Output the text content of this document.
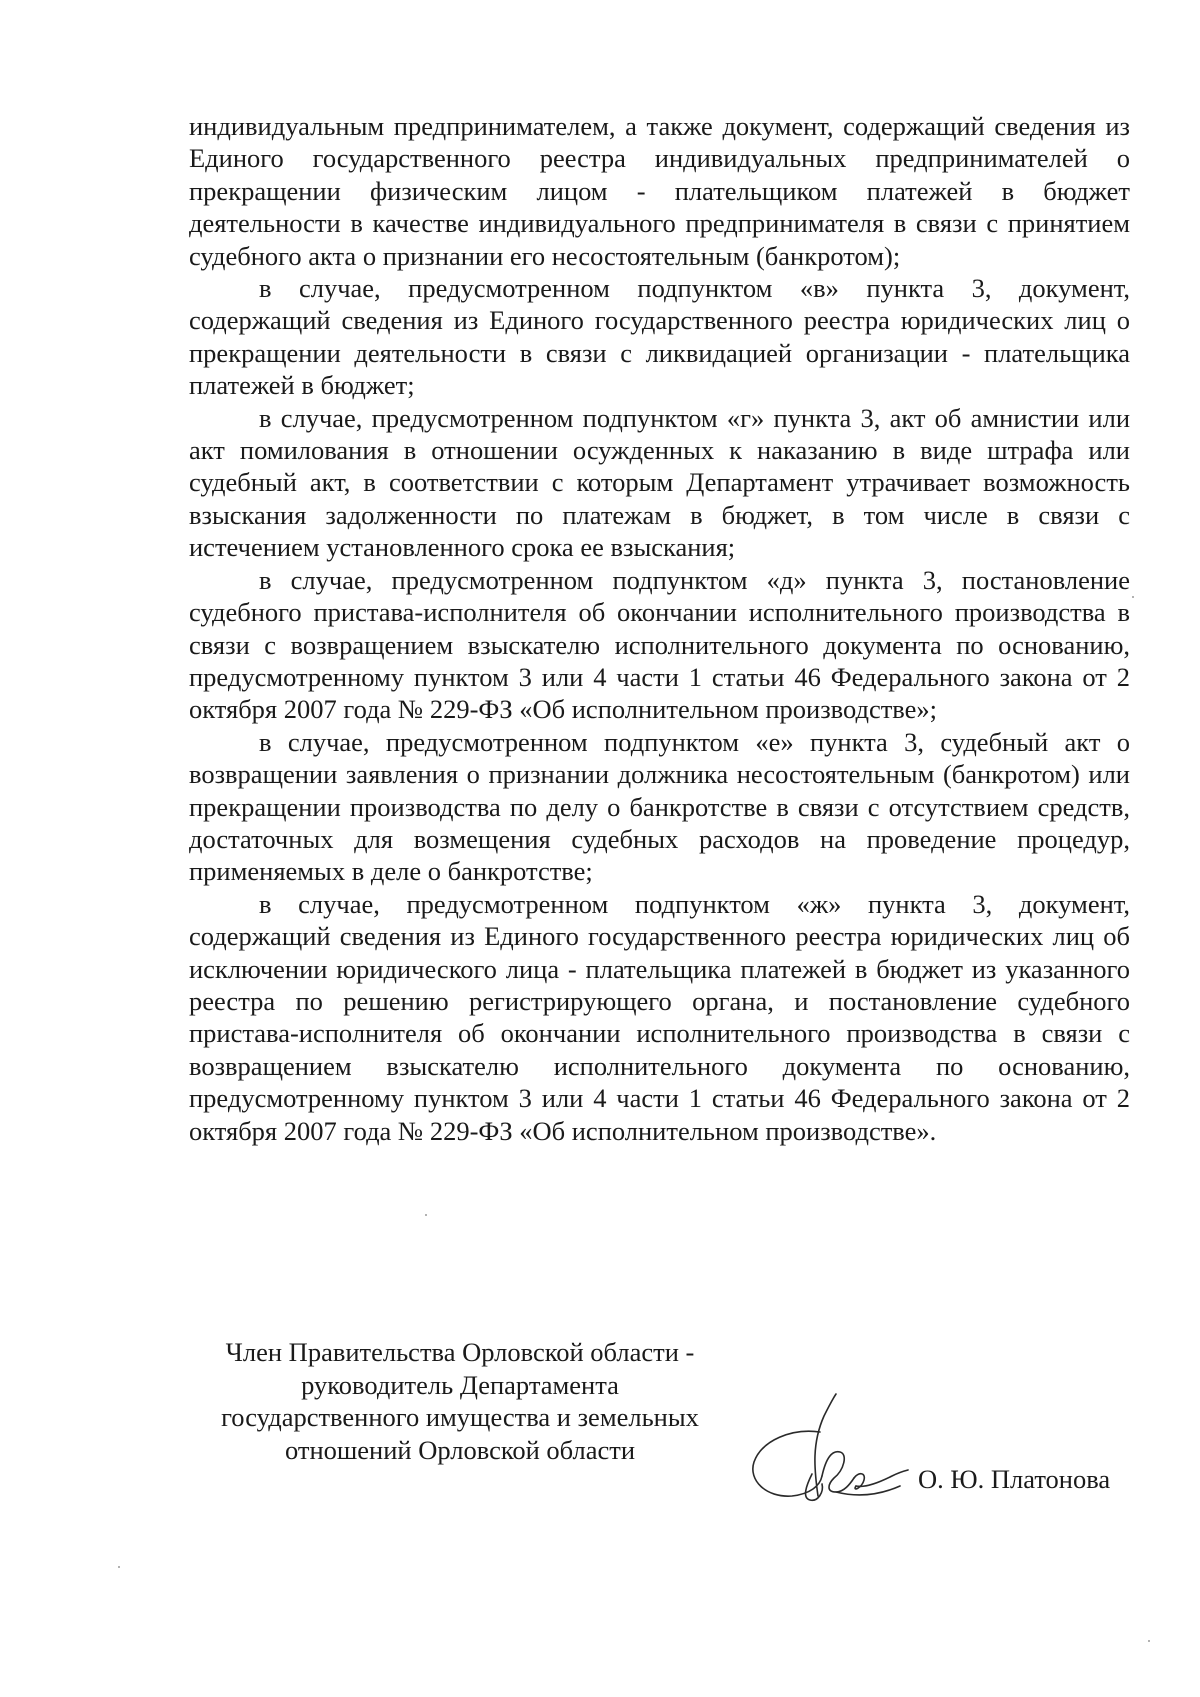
индивидуальным предпринимателем, а также документ, содержащий сведения из Единого государственного реестра индивидуальных предпринимателей о прекращении физическим лицом - плательщиком платежей в бюджет деятельности в качестве индивидуального предпринимателя в связи с принятием судебного акта о признании его несостоятельным (банкротом);

в случае, предусмотренном подпунктом «в» пункта 3, документ, содержащий сведения из Единого государственного реестра юридических лиц о прекращении деятельности в связи с ликвидацией организации - плательщика платежей в бюджет;

в случае, предусмотренном подпунктом «г» пункта 3, акт об амнистии или акт помилования в отношении осужденных к наказанию в виде штрафа или судебный акт, в соответствии с которым Департамент утрачивает возможность взыскания задолженности по платежам в бюджет, в том числе в связи с истечением установленного срока ее взыскания;

в случае, предусмотренном подпунктом «д» пункта 3, постановление судебного пристава-исполнителя об окончании исполнительного производства в связи с возвращением взыскателю исполнительного документа по основанию, предусмотренному пунктом 3 или 4 части 1 статьи 46 Федерального закона от 2 октября 2007 года № 229-ФЗ «Об исполнительном производстве»;

в случае, предусмотренном подпунктом «е» пункта 3, судебный акт о возвращении заявления о признании должника несостоятельным (банкротом) или прекращении производства по делу о банкротстве в связи с отсутствием средств, достаточных для возмещения судебных расходов на проведение процедур, применяемых в деле о банкротстве;

в случае, предусмотренном подпунктом «ж» пункта 3, документ, содержащий сведения из Единого государственного реестра юридических лиц об исключении юридического лица - плательщика платежей в бюджет из указанного реестра по решению регистрирующего органа, и постановление судебного пристава-исполнителя об окончании исполнительного производства в связи с возвращением взыскателю исполнительного документа по основанию, предусмотренному пунктом 3 или 4 части 1 статьи 46 Федерального закона от 2 октября 2007 года № 229-ФЗ «Об исполнительном производстве».

Член Правительства Орловской области -
руководитель Департамента
государственного имущества и земельных
отношений Орловской области
О. Ю. Платонова
